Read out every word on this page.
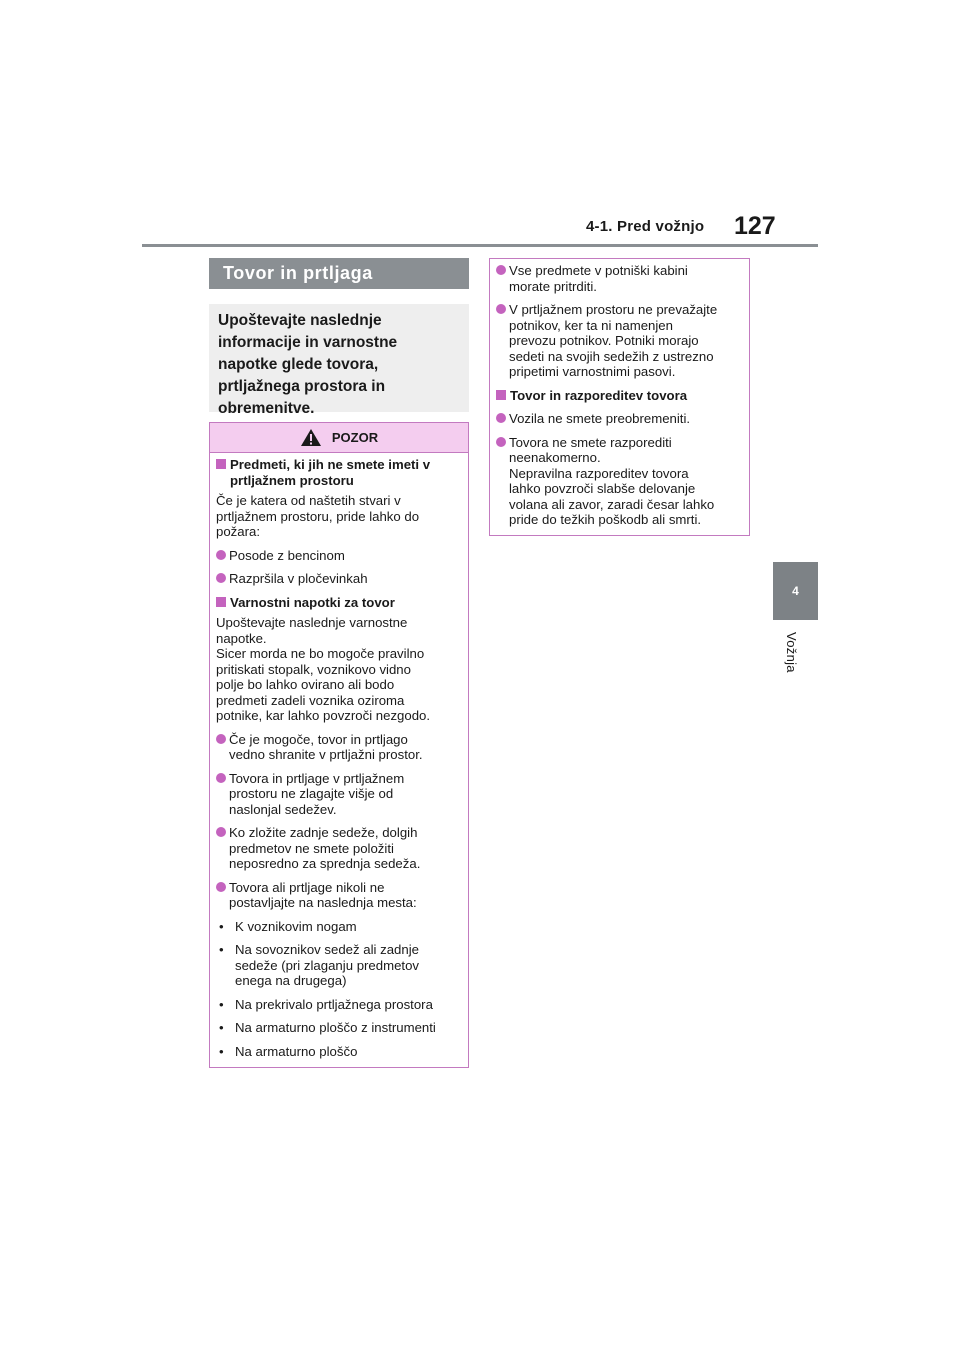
4-1. Pred vožnjo 127
4
Vožnja
Tovor in prtljaga
Upoštevajte naslednje
informacije in varnostne
napotke glede tovora,
prtljažnega prostora in
obremenitve.
POZOR
Predmeti, ki jih ne smete imeti v
prtljažnem prostoru
Če je katera od naštetih stvari v
prtljažnem prostoru, pride lahko do
požara:
Posode z bencinom
Razpršila v pločevinkah
Varnostni napotki za tovor
Upoštevajte naslednje varnostne
napotke.
Sicer morda ne bo mogoče pravilno
pritiskati stopalk, voznikovo vidno
polje bo lahko ovirano ali bodo
predmeti zadeli voznika oziroma
potnike, kar lahko povzroči nezgodo.
Če je mogoče, tovor in prtljago
vedno shranite v prtljažni prostor.
Tovora in prtljage v prtljažnem
prostoru ne zlagajte višje od
naslonjal sedežev.
Ko zložite zadnje sedeže, dolgih
predmetov ne smete položiti
neposredno za sprednja sedeža.
Tovora ali prtljage nikoli ne
postavljajte na naslednja mesta:
• K voznikovim nogam
• Na sovoznikov sedež ali zadnje
sedeže (pri zlaganju predmetov
enega na drugega)
• Na prekrivalo prtljažnega prostora
• Na armaturno ploščo z instrumenti
• Na armaturno ploščo
Vse predmete v potniški kabini
morate pritrditi.
V prtljažnem prostoru ne prevažajte
potnikov, ker ta ni namenjen
prevozu potnikov. Potniki morajo
sedeti na svojih sedežih z ustrezno
pripetimi varnostnimi pasovi.
Tovor in razporeditev tovora
Vozila ne smete preobremeniti.
Tovora ne smete razporediti
neenakomerno.
Nepravilna razporeditev tovora
lahko povzroči slabše delovanje
volana ali zavor, zaradi česar lahko
pride do težkih poškodb ali smrti.
